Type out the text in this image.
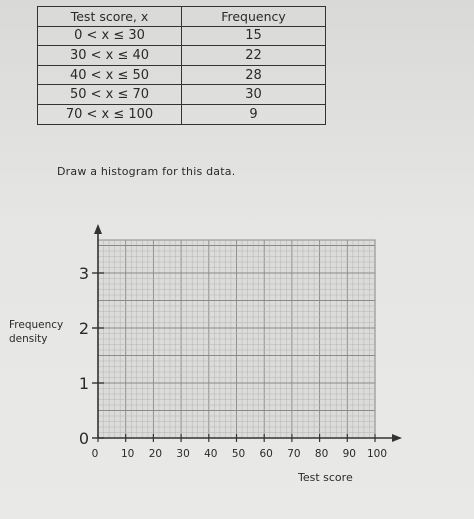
Test score, x	Frequency
0 < x ≤ 30	15
30 < x ≤ 40	22
40 < x ≤ 50	28
50 < x ≤ 70	30
70 < x ≤ 100	9
Draw a histogram for this data.
0
1
2
3
0 10 20 30 40 50 60 70 80 90 100
Frequency
density
Test score
